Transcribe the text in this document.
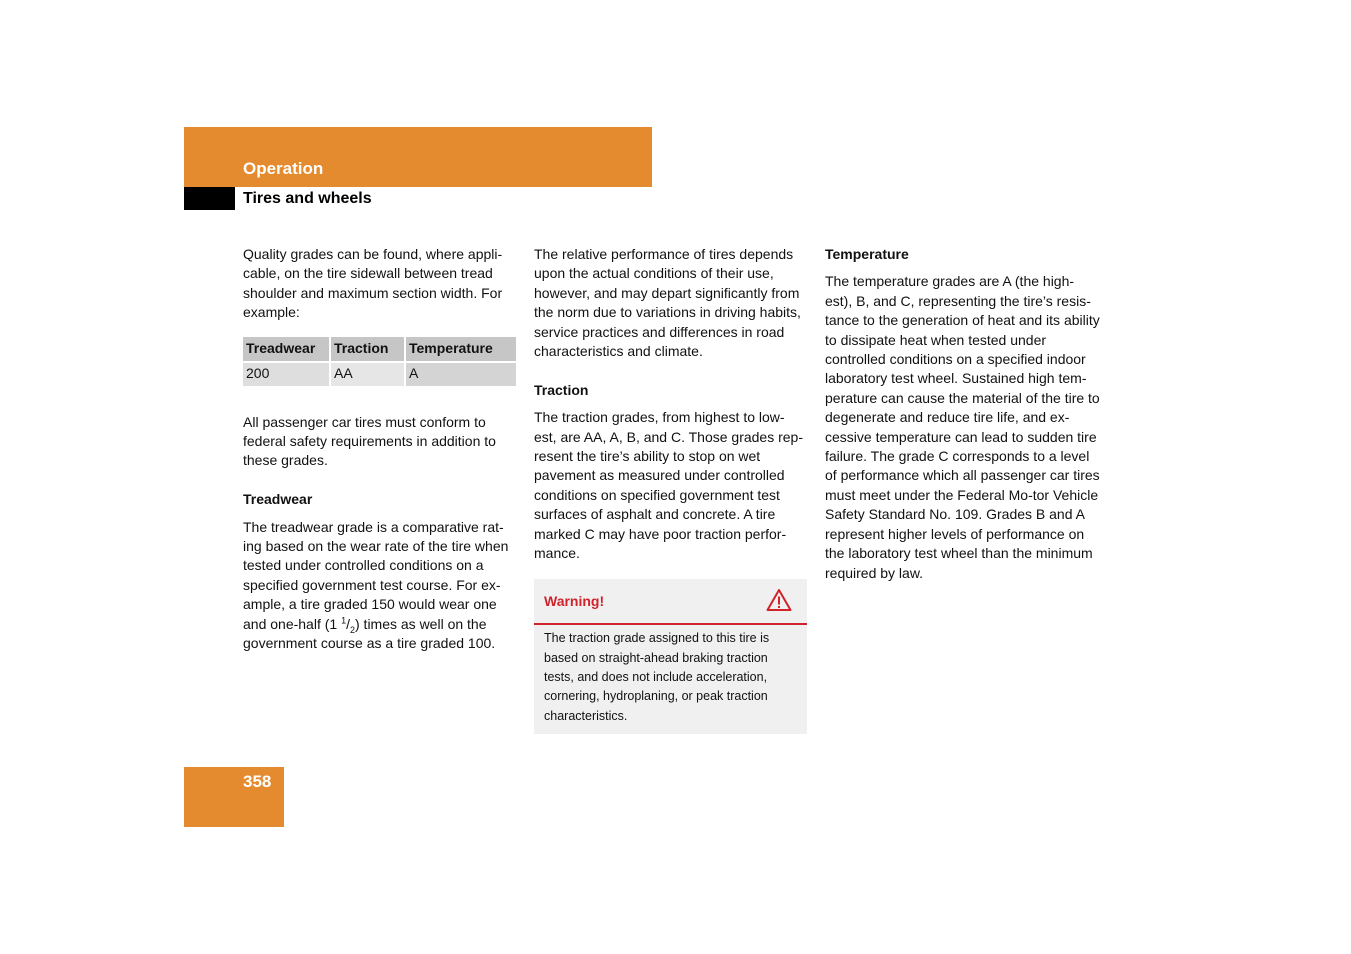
Operation
Tires and wheels

Quality grades can be found, where appli-cable, on the tire sidewall between tread shoulder and maximum section width. For example:

Treadwear	Traction	Temperature
200	AA	A

All passenger car tires must conform to federal safety requirements in addition to these grades.

Treadwear

The treadwear grade is a comparative rat-ing based on the wear rate of the tire when tested under controlled conditions on a specified government test course. For ex-ample, a tire graded 150 would wear one and one-half (1 $^1/_2$) times as well on the government course as a tire graded 100.

The relative performance of tires depends upon the actual conditions of their use, however, and may depart significantly from the norm due to variations in driving habits, service practices and differences in road characteristics and climate.

Traction

The traction grades, from highest to low-est, are AA, A, B, and C. Those grades rep-resent the tire’s ability to stop on wet pavement as measured under controlled conditions on specified government test surfaces of asphalt and concrete. A tire marked C may have poor traction perfor-mance.

Warning!

The traction grade assigned to this tire is based on straight-ahead braking traction tests, and does not include acceleration, cornering, hydroplaning, or peak traction characteristics.

Temperature

The temperature grades are A (the high-est), B, and C, representing the tire’s resis-tance to the generation of heat and its ability to dissipate heat when tested under controlled conditions on a specified indoor laboratory test wheel. Sustained high tem-perature can cause the material of the tire to degenerate and reduce tire life, and ex-cessive temperature can lead to sudden tire failure. The grade C corresponds to a level of performance which all passenger car tires must meet under the Federal Mo-tor Vehicle Safety Standard No. 109. Grades B and A represent higher levels of performance on the laboratory test wheel than the minimum required by law.

358
